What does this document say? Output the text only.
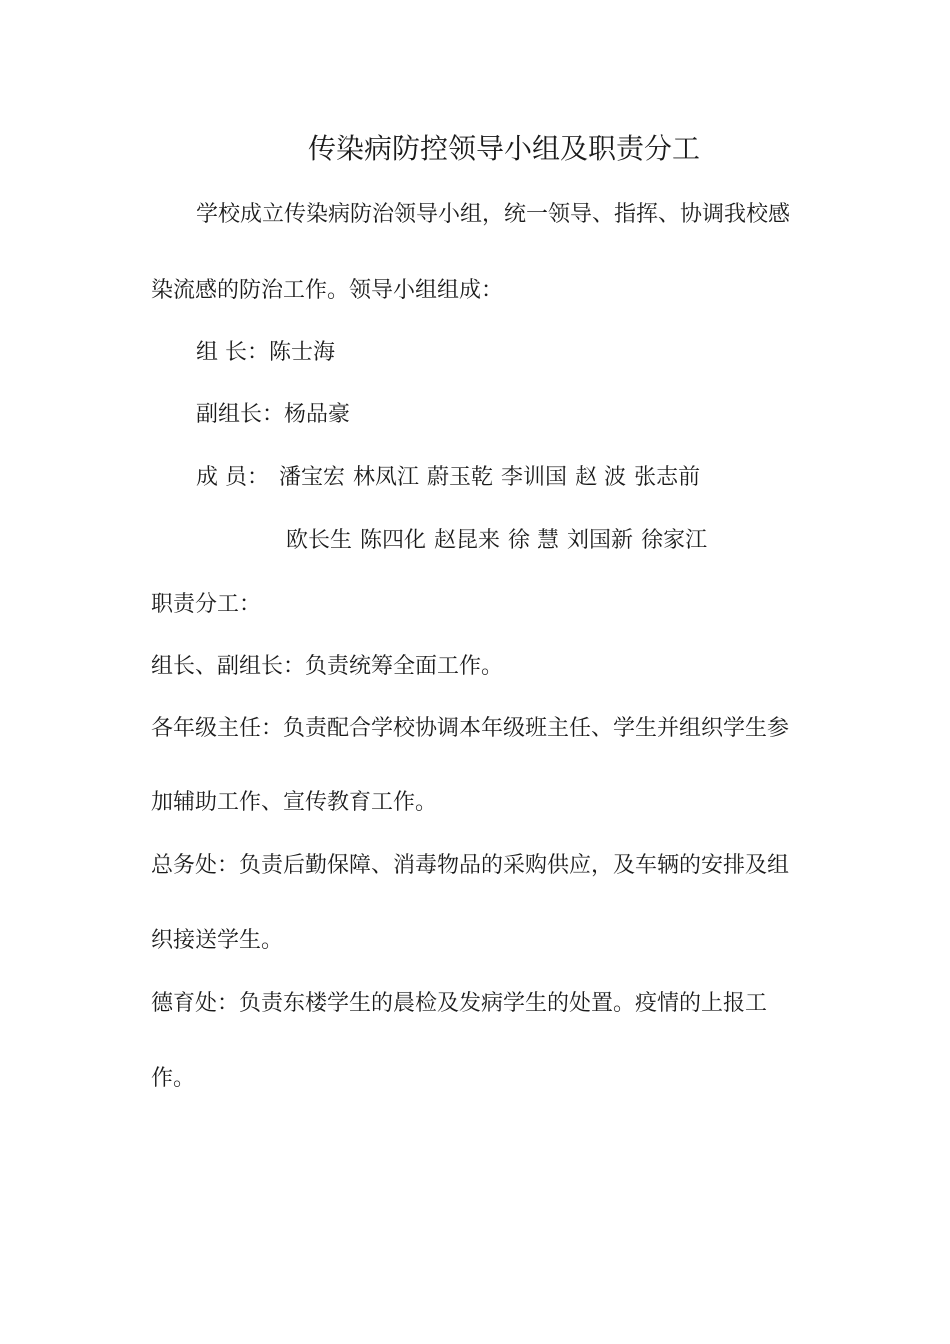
传染病防控领导小组及职责分工
学校成立传染病防治领导小组，统一领导、指挥、协调我校感
染流感的防治工作。领导小组组成：
组 长：陈士海
副组长：杨品豪
成 员： 潘宝宏 林凤江 蔚玉乾 李训国 赵 波 张志前
欧长生 陈四化 赵昆来 徐 慧 刘国新 徐家江
职责分工：
组长、副组长：负责统筹全面工作。
各年级主任：负责配合学校协调本年级班主任、学生并组织学生参
加辅助工作、宣传教育工作。
总务处：负责后勤保障、消毒物品的采购供应，及车辆的安排及组
织接送学生。
德育处：负责东楼学生的晨检及发病学生的处置。疫情的上报工
作。
